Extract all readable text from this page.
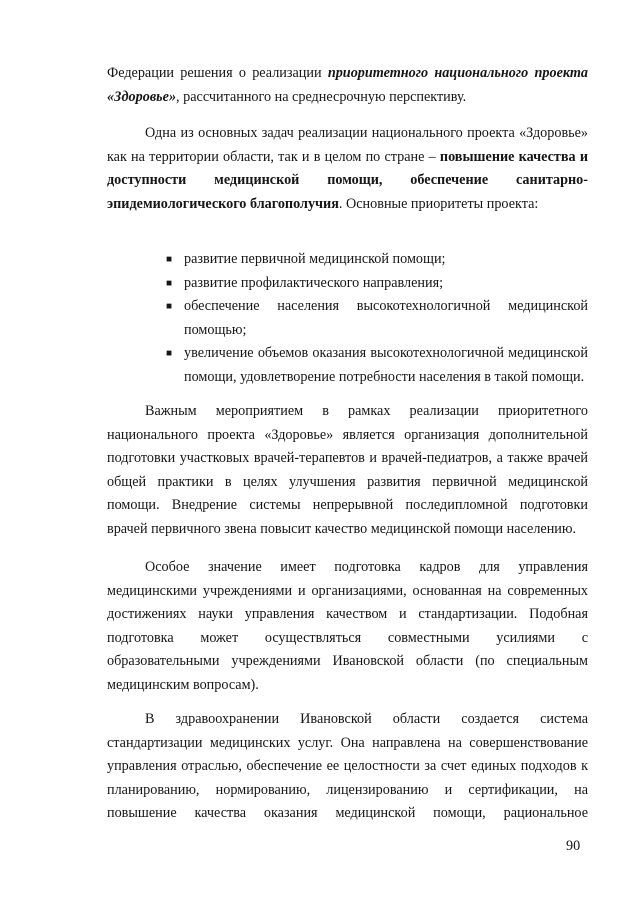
Федерации решения о реализации приоритетного национального проекта «Здоровье», рассчитанного на среднесрочную перспективу.

Одна из основных задач реализации национального проекта «Здоровье» как на территории области, так и в целом по стране – повышение качества и доступности медицинской помощи, обеспечение санитарно-эпидемиологического благополучия. Основные приоритеты проекта:

■ развитие первичной медицинской помощи;
■ развитие профилактического направления;
■ обеспечение населения высокотехнологичной медицинской помощью;
■ увеличение объемов оказания высокотехнологичной медицинской помощи, удовлетворение потребности населения в такой помощи.

Важным мероприятием в рамках реализации приоритетного национального проекта «Здоровье» является организация дополнительной подготовки участковых врачей-терапевтов и врачей-педиатров, а также врачей общей практики в целях улучшения развития первичной медицинской помощи. Внедрение системы непрерывной последипломной подготовки врачей первичного звена повысит качество медицинской помощи населению.

Особое значение имеет подготовка кадров для управления медицинскими учреждениями и организациями, основанная на современных достижениях науки управления качеством и стандартизации. Подобная подготовка может осуществляться совместными усилиями с образовательными учреждениями Ивановской области (по специальным медицинским вопросам).

В здравоохранении Ивановской области создается система стандартизации медицинских услуг. Она направлена на совершенствование управления отраслью, обеспечение ее целостности за счет единых подходов к планированию, нормированию, лицензированию и сертификации, на повышение качества оказания медицинской помощи, рациональное

90
